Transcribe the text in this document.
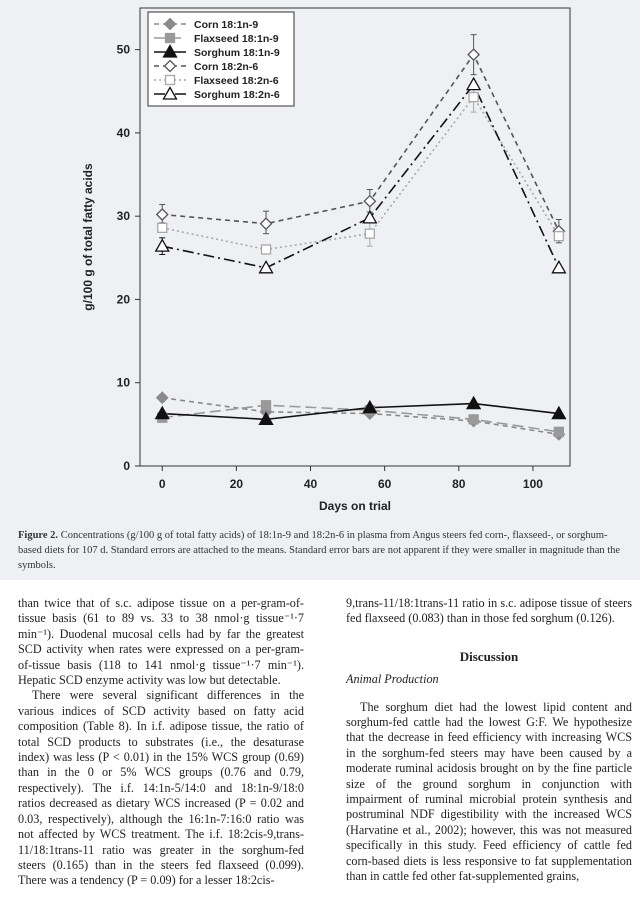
0	20	40	60	80	100
0
10
20
30
40
50
Days on trial
g/100 g of total fatty acids
Corn 18:1n-9
Flaxseed 18:1n-9
Sorghum 18:1n-9
Corn 18:2n-6
Flaxseed 18:2n-6
Sorghum 18:2n-6

Figure 2. Concentrations (g/100 g of total fatty acids) of 18:1n-9 and 18:2n-6 in plasma from Angus steers fed corn-, flaxseed-, or sorghum-based diets for 107 d. Standard errors are attached to the means. Standard error bars are not apparent if they were smaller in magnitude than the symbols.

than twice that of s.c. adipose tissue on a per-gram-of-tissue basis (61 to 89 vs. 33 to 38 nmol·g tissue⁻¹·7 min⁻¹). Duodenal mucosal cells had by far the greatest SCD activity when rates were expressed on a per-gram-of-tissue basis (118 to 141 nmol·g tissue⁻¹·7 min⁻¹). Hepatic SCD enzyme activity was low but detectable.

There were several significant differences in the various indices of SCD activity based on fatty acid composition (Table 8). In i.f. adipose tissue, the ratio of total SCD products to substrates (i.e., the desaturase index) was less (P < 0.01) in the 15% WCS group (0.69) than in the 0 or 5% WCS groups (0.76 and 0.79, respectively). The i.f. 14:1n-5/14:0 and 18:1n-9/18:0 ratios decreased as dietary WCS increased (P = 0.02 and 0.03, respectively), although the 16:1n-7:16:0 ratio was not affected by WCS treatment. The i.f. 18:2cis-9,trans-11/18:1trans-11 ratio was greater in the sorghum-fed steers (0.165) than in the steers fed flaxseed (0.099). There was a tendency (P = 0.09) for a lesser 18:2cis-

9,trans-11/18:1trans-11 ratio in s.c. adipose tissue of steers fed flaxseed (0.083) than in those fed sorghum (0.126).

Discussion

Animal Production

The sorghum diet had the lowest lipid content and sorghum-fed cattle had the lowest G:F. We hypothesize that the decrease in feed efficiency with increasing WCS in the sorghum-fed steers may have been caused by a moderate ruminal acidosis brought on by the fine particle size of the ground sorghum in conjunction with impairment of ruminal microbial protein synthesis and postruminal NDF digestibility with the increased WCS (Harvatine et al., 2002); however, this was not measured specifically in this study. Feed efficiency of cattle fed corn-based diets is less responsive to fat supplementation than in cattle fed other fat-supplemented grains,
